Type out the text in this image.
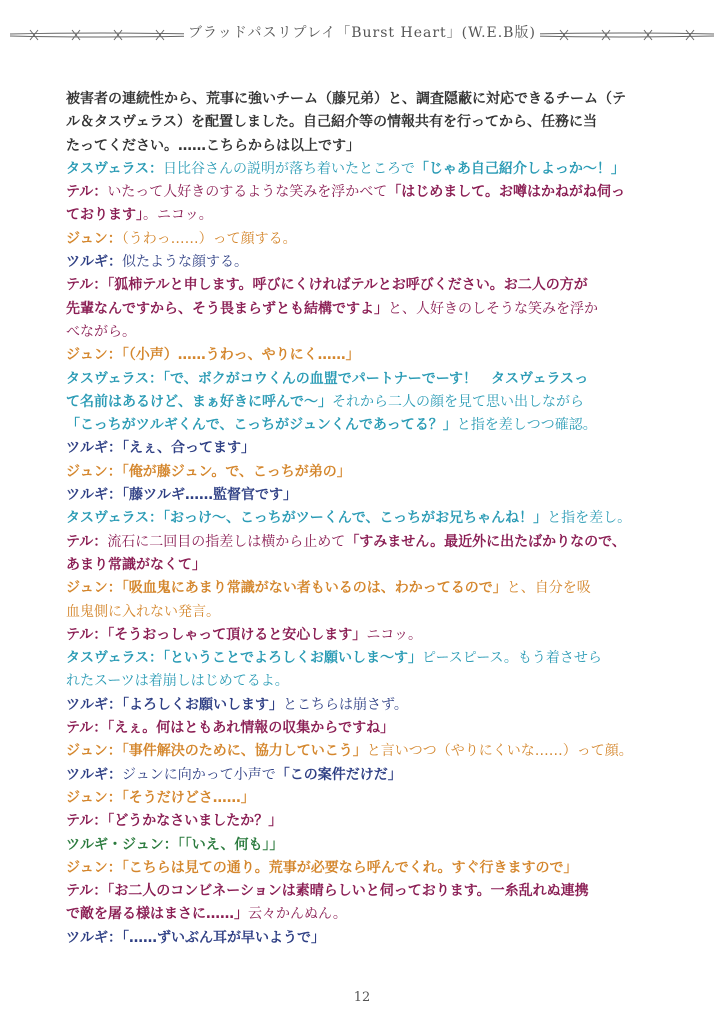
ブラッドパスリプレイ「Burst Heart」(W.E.B版)
被害者の連続性から、荒事に強いチーム（藤兄弟）と、調査隠蔽に対応できるチーム（テ
ル＆タスヴェラス）を配置しました。自己紹介等の情報共有を行ってから、任務に当
たってください。……こちらからは以上です」
タスヴェラス：日比谷さんの説明が落ち着いたところで「じゃあ自己紹介しよっか〜！」
テル：いたって人好きのするような笑みを浮かべて「はじめまして。お噂はかねがね伺っ
ております」。ニコッ。
ジュン：（うわっ……）って顔する。
ツルギ：似たような顔する。
テル：「狐柿テルと申します。呼びにくければテルとお呼びください。お二人の方が
先輩なんですから、そう畏まらずとも結構ですよ」と、人好きのしそうな笑みを浮か
べながら。
ジュン：「（小声）……うわっ、やりにく……」
タスヴェラス：「で、ボクがコウくんの血盟でパートナーでーす！　タスヴェラスっ
て名前はあるけど、まぁ好きに呼んで〜」それから二人の顔を見て思い出しながら
「こっちがツルギくんで、こっちがジュンくんであってる？」と指を差しつつ確認。
ツルギ：「えぇ、合ってます」
ジュン：「俺が藤ジュン。で、こっちが弟の」
ツルギ：「藤ツルギ……監督官です」
タスヴェラス：「おっけ〜、こっちがツーくんで、こっちがお兄ちゃんね！」と指を差し。
テル：流石に二回目の指差しは横から止めて「すみません。最近外に出たばかりなので、
あまり常識がなくて」
ジュン：「吸血鬼にあまり常識がない者もいるのは、わかってるので」と、自分を吸
血鬼側に入れない発言。
テル：「そうおっしゃって頂けると安心します」ニコッ。
タスヴェラス：「ということでよろしくお願いしま〜す」ピースピース。もう着させら
れたスーツは着崩しはじめてるよ。
ツルギ：「よろしくお願いします」とこちらは崩さず。
テル：「えぇ。何はともあれ情報の収集からですね」
ジュン：「事件解決のために、協力していこう」と言いつつ（やりにくいな……）って顔。
ツルギ：ジュンに向かって小声で「この案件だけだ」
ジュン：「そうだけどさ……」
テル：「どうかなさいましたか？」
ツルギ・ジュン：「「いえ、何も」」
ジュン：「こちらは見ての通り。荒事が必要なら呼んでくれ。すぐ行きますので」
テル：「お二人のコンビネーションは素晴らしいと伺っております。一糸乱れぬ連携
で敵を屠る様はまさに……」云々かんぬん。
ツルギ：「……ずいぶん耳が早いようで」
12
